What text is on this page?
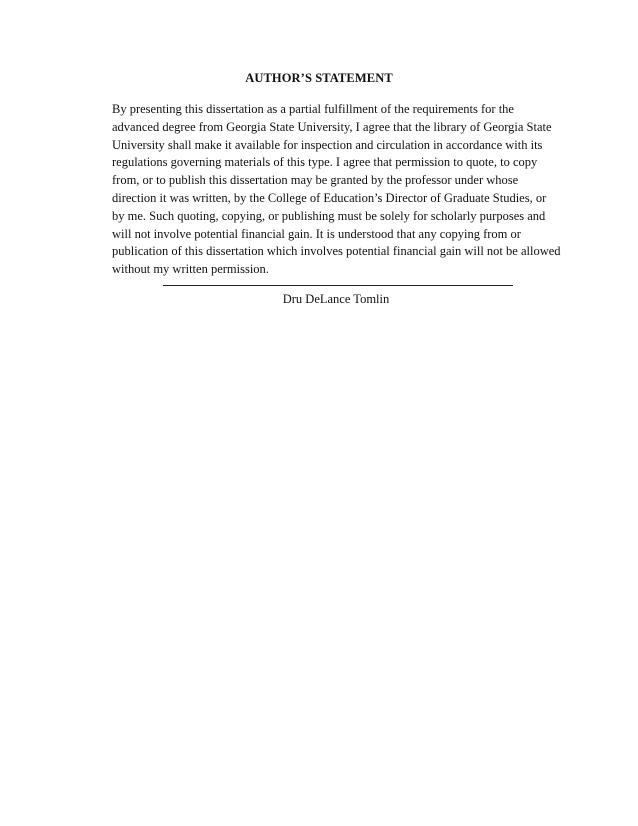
AUTHOR’S STATEMENT

By presenting this dissertation as a partial fulfillment of the requirements for the
advanced degree from Georgia State University, I agree that the library of Georgia State
University shall make it available for inspection and circulation in accordance with its
regulations governing materials of this type. I agree that permission to quote, to copy
from, or to publish this dissertation may be granted by the professor under whose
direction it was written, by the College of Education’s Director of Graduate Studies, or
by me. Such quoting, copying, or publishing must be solely for scholarly purposes and
will not involve potential financial gain. It is understood that any copying from or
publication of this dissertation which involves potential financial gain will not be allowed
without my written permission.

Dru DeLance Tomlin
